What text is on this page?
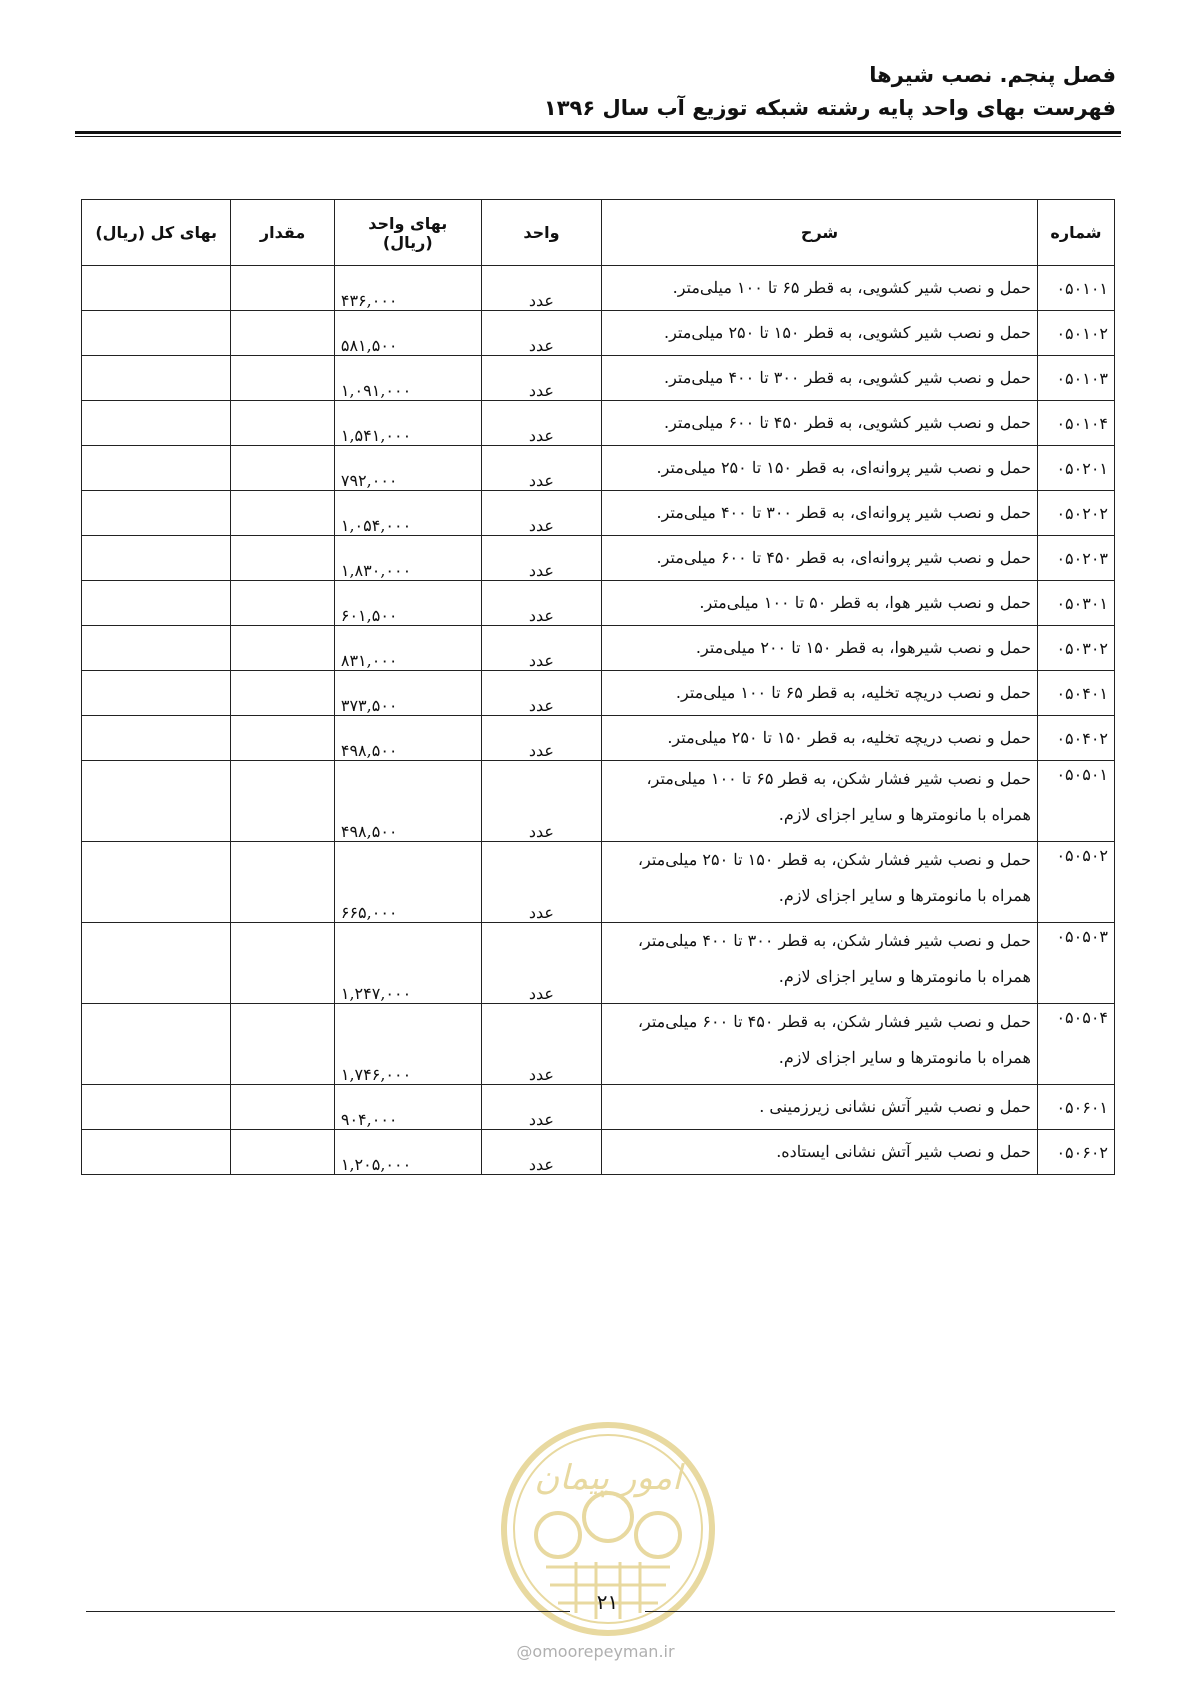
فصل پنجم. نصب شیرها
فهرست بهای واحد پایه رشته شبکه توزیع آب سال ۱۳۹۶
شماره	شرح	واحد	بهای واحد (ریال)	مقدار	بهای کل (ریال)
۰۵۰۱۰۱	حمل و نصب شیر کشویی، به قطر ۶۵ تا ۱۰۰ میلی‌متر.	عدد	۴۳۶,۰۰۰		
۰۵۰۱۰۲	حمل و نصب شیر کشویی، به قطر ۱۵۰ تا ۲۵۰ میلی‌متر.	عدد	۵۸۱,۵۰۰		
۰۵۰۱۰۳	حمل و نصب شیر کشویی، به قطر ۳۰۰ تا ۴۰۰ میلی‌متر.	عدد	۱,۰۹۱,۰۰۰		
۰۵۰۱۰۴	حمل و نصب شیر کشویی، به قطر ۴۵۰ تا ۶۰۰ میلی‌متر.	عدد	۱,۵۴۱,۰۰۰		
۰۵۰۲۰۱	حمل و نصب شیر پروانه‌ای، به قطر ۱۵۰ تا ۲۵۰ میلی‌متر.	عدد	۷۹۲,۰۰۰		
۰۵۰۲۰۲	حمل و نصب شیر پروانه‌ای، به قطر ۳۰۰ تا ۴۰۰ میلی‌متر.	عدد	۱,۰۵۴,۰۰۰		
۰۵۰۲۰۳	حمل و نصب شیر پروانه‌ای، به قطر ۴۵۰ تا ۶۰۰ میلی‌متر.	عدد	۱,۸۳۰,۰۰۰		
۰۵۰۳۰۱	حمل و نصب شیر هوا، به قطر ۵۰ تا ۱۰۰ میلی‌متر.	عدد	۶۰۱,۵۰۰		
۰۵۰۳۰۲	حمل و نصب شیرهوا، به قطر ۱۵۰ تا ۲۰۰ میلی‌متر.	عدد	۸۳۱,۰۰۰		
۰۵۰۴۰۱	حمل و نصب دریچه تخلیه، به قطر ۶۵ تا ۱۰۰ میلی‌متر.	عدد	۳۷۳,۵۰۰		
۰۵۰۴۰۲	حمل و نصب دریچه تخلیه، به قطر ۱۵۰ تا ۲۵۰ میلی‌متر.	عدد	۴۹۸,۵۰۰		
۰۵۰۵۰۱	حمل و نصب شیر فشار شکن، به قطر ۶۵ تا ۱۰۰ میلی‌متر، همراه با مانومترها و سایر اجزای لازم.	عدد	۴۹۸,۵۰۰		
۰۵۰۵۰۲	حمل و نصب شیر فشار شکن، به قطر ۱۵۰ تا ۲۵۰ میلی‌متر، همراه با مانومترها و سایر اجزای لازم.	عدد	۶۶۵,۰۰۰		
۰۵۰۵۰۳	حمل و نصب شیر فشار شکن، به قطر ۳۰۰ تا ۴۰۰ میلی‌متر، همراه با مانومترها و سایر اجزای لازم.	عدد	۱,۲۴۷,۰۰۰		
۰۵۰۵۰۴	حمل و نصب شیر فشار شکن، به قطر ۴۵۰ تا ۶۰۰ میلی‌متر، همراه با مانومترها و سایر اجزای لازم.	عدد	۱,۷۴۶,۰۰۰		
۰۵۰۶۰۱	حمل و نصب شیر آتش نشانی زیرزمینی .	عدد	۹۰۴,۰۰۰		
۰۵۰۶۰۲	حمل و نصب شیر آتش نشانی ایستاده.	عدد	۱,۲۰۵,۰۰۰		
امور پیمان
۲۱
@omoorepeyman.ir
